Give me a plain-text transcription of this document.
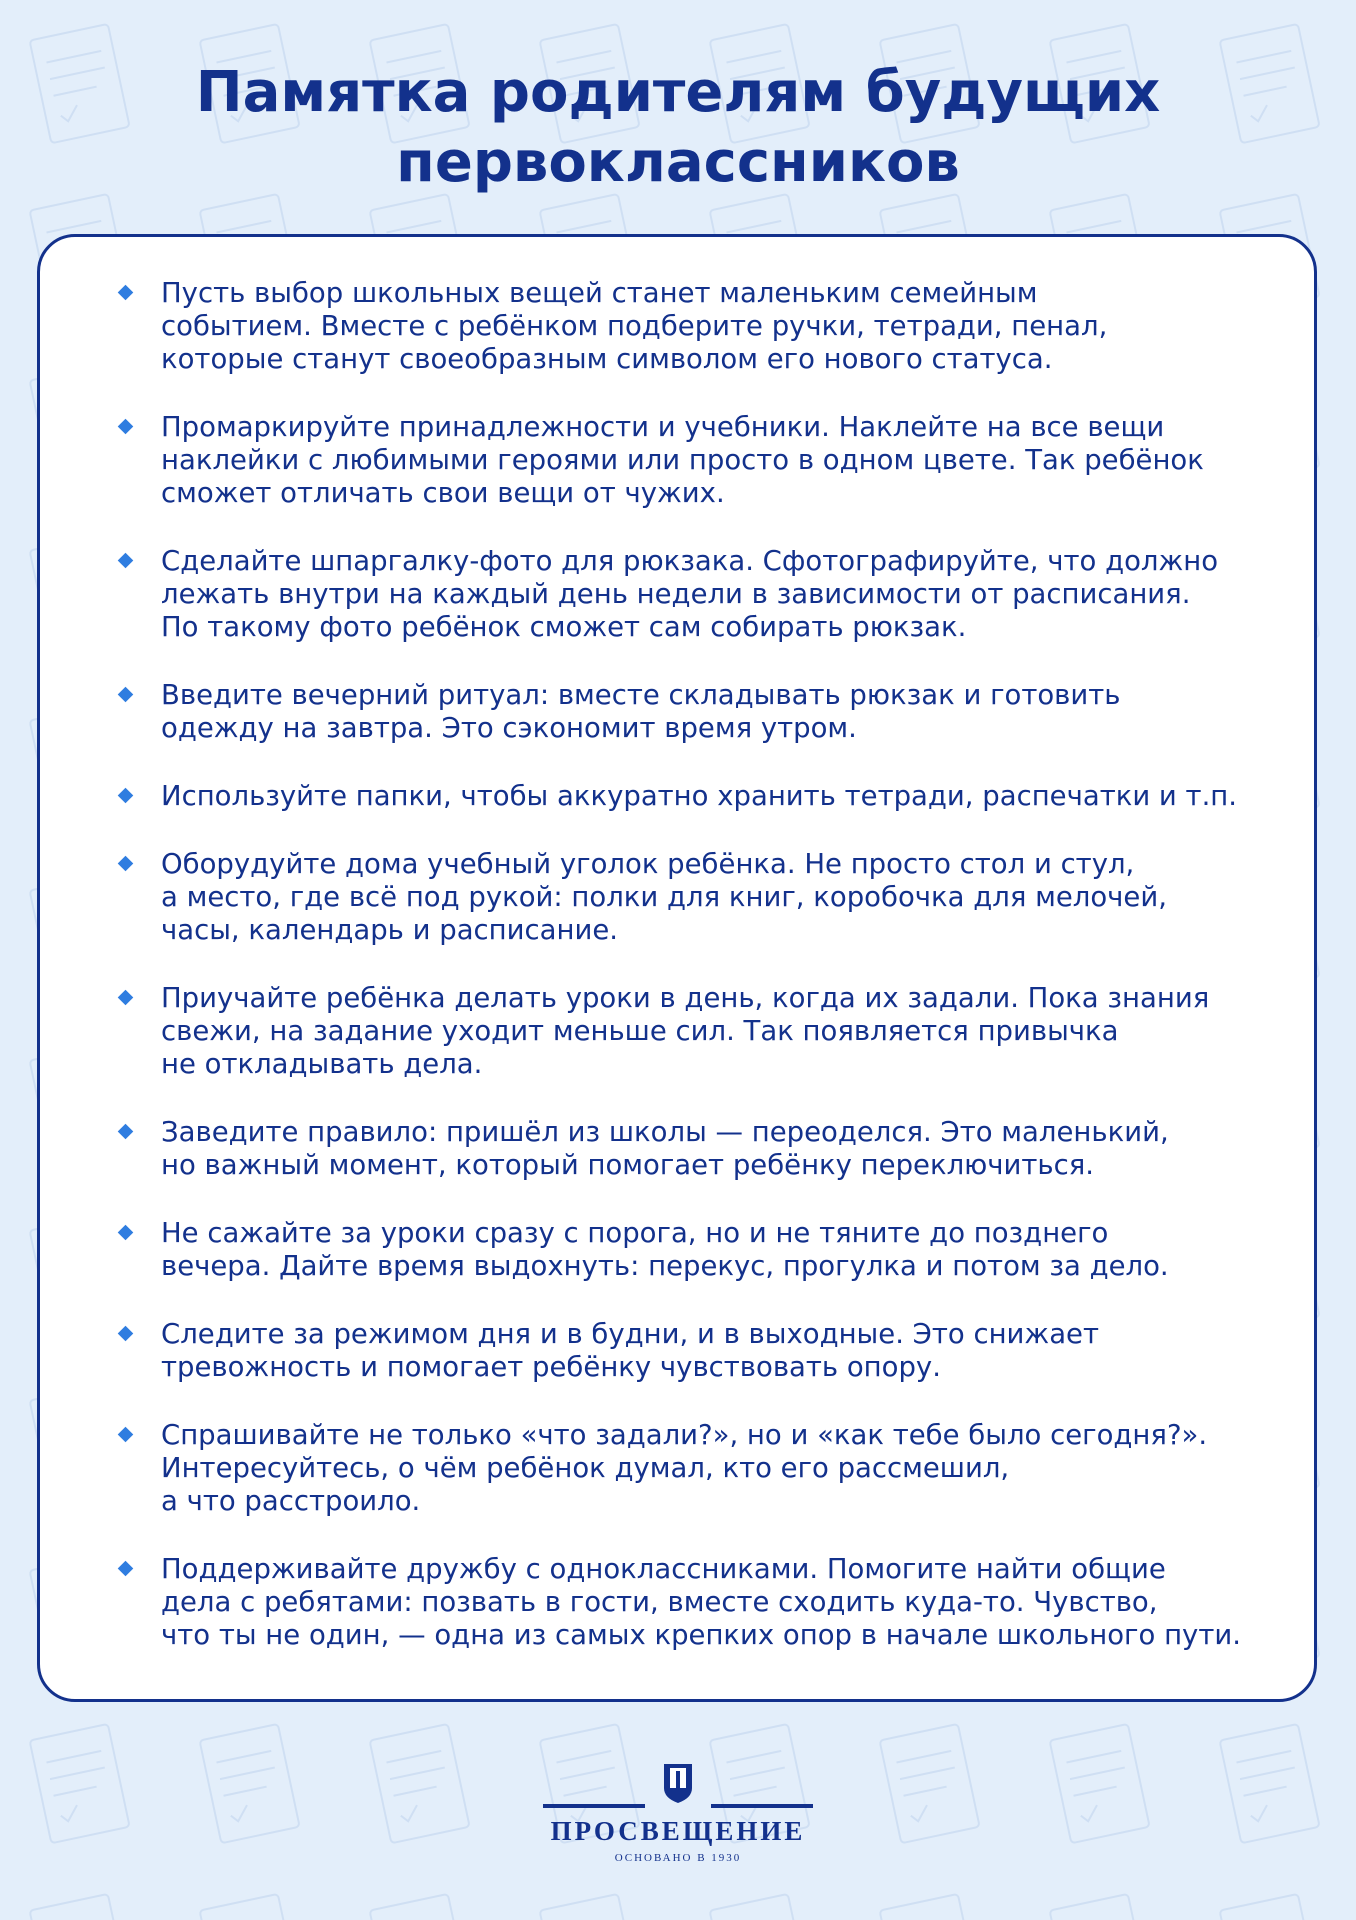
Памятка родителям будущих
первоклассников
Пусть выбор школьных вещей станет маленьким семейным
событием. Вместе с ребёнком подберите ручки, тетради, пенал,
которые станут своеобразным символом его нового статуса.
Промаркируйте принадлежности и учебники. Наклейте на все вещи
наклейки с любимыми героями или просто в одном цвете. Так ребёнок
сможет отличать свои вещи от чужих.
Сделайте шпаргалку-фото для рюкзака. Сфотографируйте, что должно
лежать внутри на каждый день недели в зависимости от расписания.
По такому фото ребёнок сможет сам собирать рюкзак.
Введите вечерний ритуал: вместе складывать рюкзак и готовить
одежду на завтра. Это сэкономит время утром.
Используйте папки, чтобы аккуратно хранить тетради, распечатки и т.п.
Оборудуйте дома учебный уголок ребёнка. Не просто стол и стул,
а место, где всё под рукой: полки для книг, коробочка для мелочей,
часы, календарь и расписание.
Приучайте ребёнка делать уроки в день, когда их задали. Пока знания
свежи, на задание уходит меньше сил. Так появляется привычка
не откладывать дела.
Заведите правило: пришёл из школы — переоделся. Это маленький,
но важный момент, который помогает ребёнку переключиться.
Не сажайте за уроки сразу с порога, но и не тяните до позднего
вечера. Дайте время выдохнуть: перекус, прогулка и потом за дело.
Следите за режимом дня и в будни, и в выходные. Это снижает
тревожность и помогает ребёнку чувствовать опору.
Спрашивайте не только «что задали?», но и «как тебе было сегодня?».
Интересуйтесь, о чём ребёнок думал, кто его рассмешил,
а что расстроило.
Поддерживайте дружбу с одноклассниками. Помогите найти общие
дела с ребятами: позвать в гости, вместе сходить куда-то. Чувство,
что ты не один, — одна из самых крепких опор в начале школьного пути.
ПРОСВЕЩЕНИЕ
ОСНОВАНО В 1930
